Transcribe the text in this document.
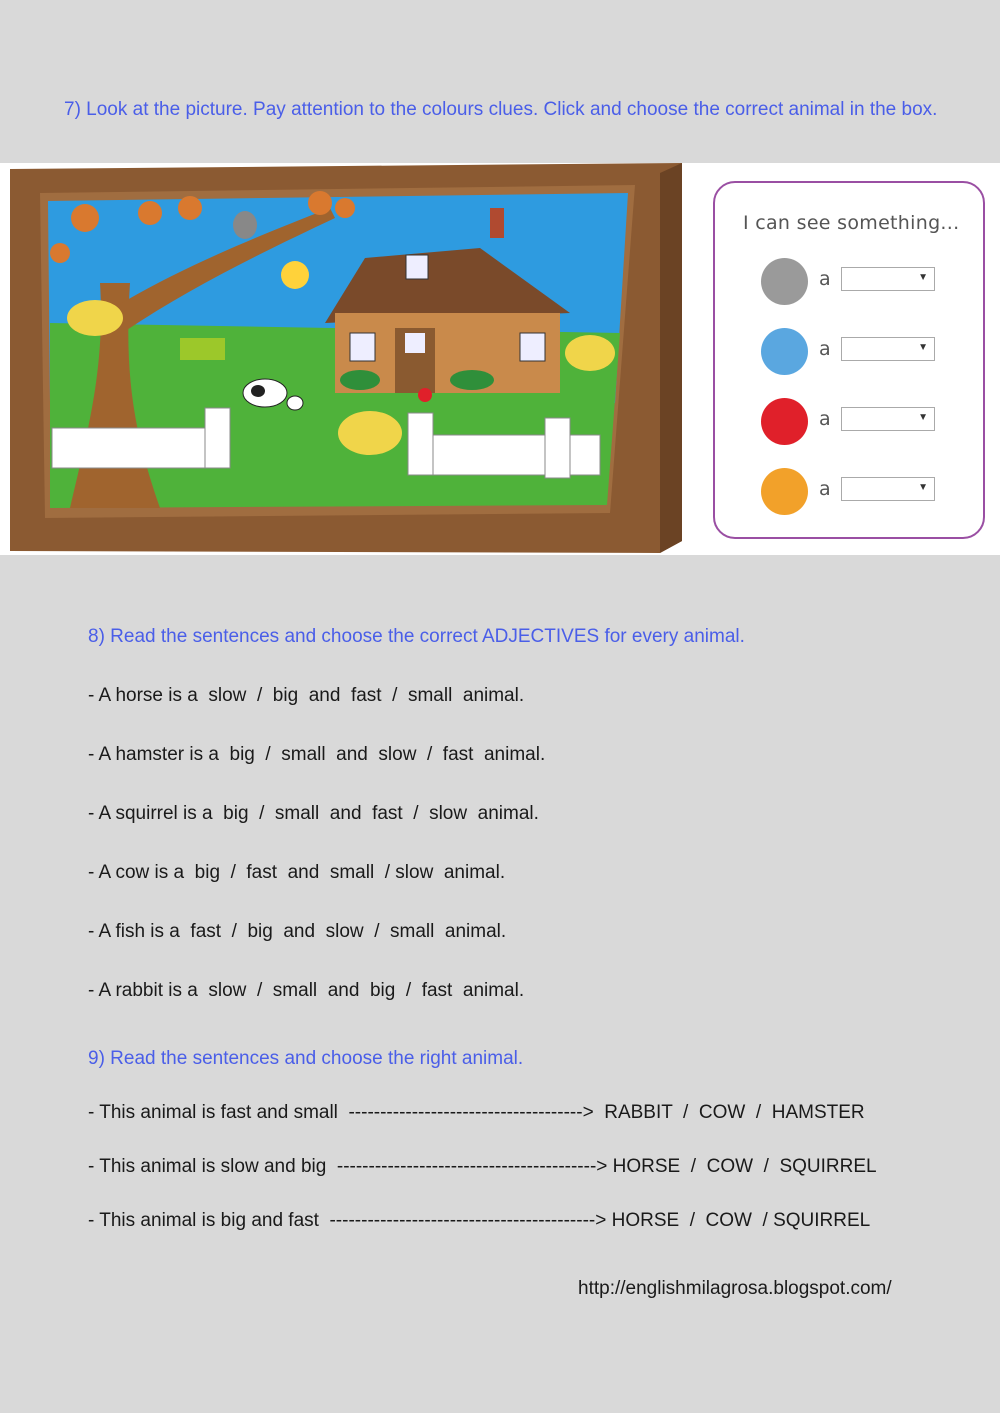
7) Look at the picture. Pay attention to the colours clues. Click and choose the correct animal in the box.
I can see something...
a	▼
a	▼
a	▼
a	▼
8) Read the sentences and choose the correct ADJECTIVES for every animal.
- A horse is a  slow  /  big  and  fast  /  small  animal.
- A hamster is a  big  /  small  and  slow  /  fast  animal.
- A squirrel is a  big  /  small  and  fast  /  slow  animal.
- A cow is a  big  /  fast  and  small  / slow  animal.
- A fish is a  fast  /  big  and  slow  /  small  animal.
- A rabbit is a  slow  /  small  and  big  /  fast  animal.
9) Read the sentences and choose the right animal.
- This animal is fast and small  ------------------------------------->  RABBIT  /  COW  /  HAMSTER
- This animal is slow and big  -----------------------------------------> HORSE  /  COW  /  SQUIRREL
- This animal is big and fast  ------------------------------------------> HORSE  /  COW  / SQUIRREL
http://englishmilagrosa.blogspot.com/
